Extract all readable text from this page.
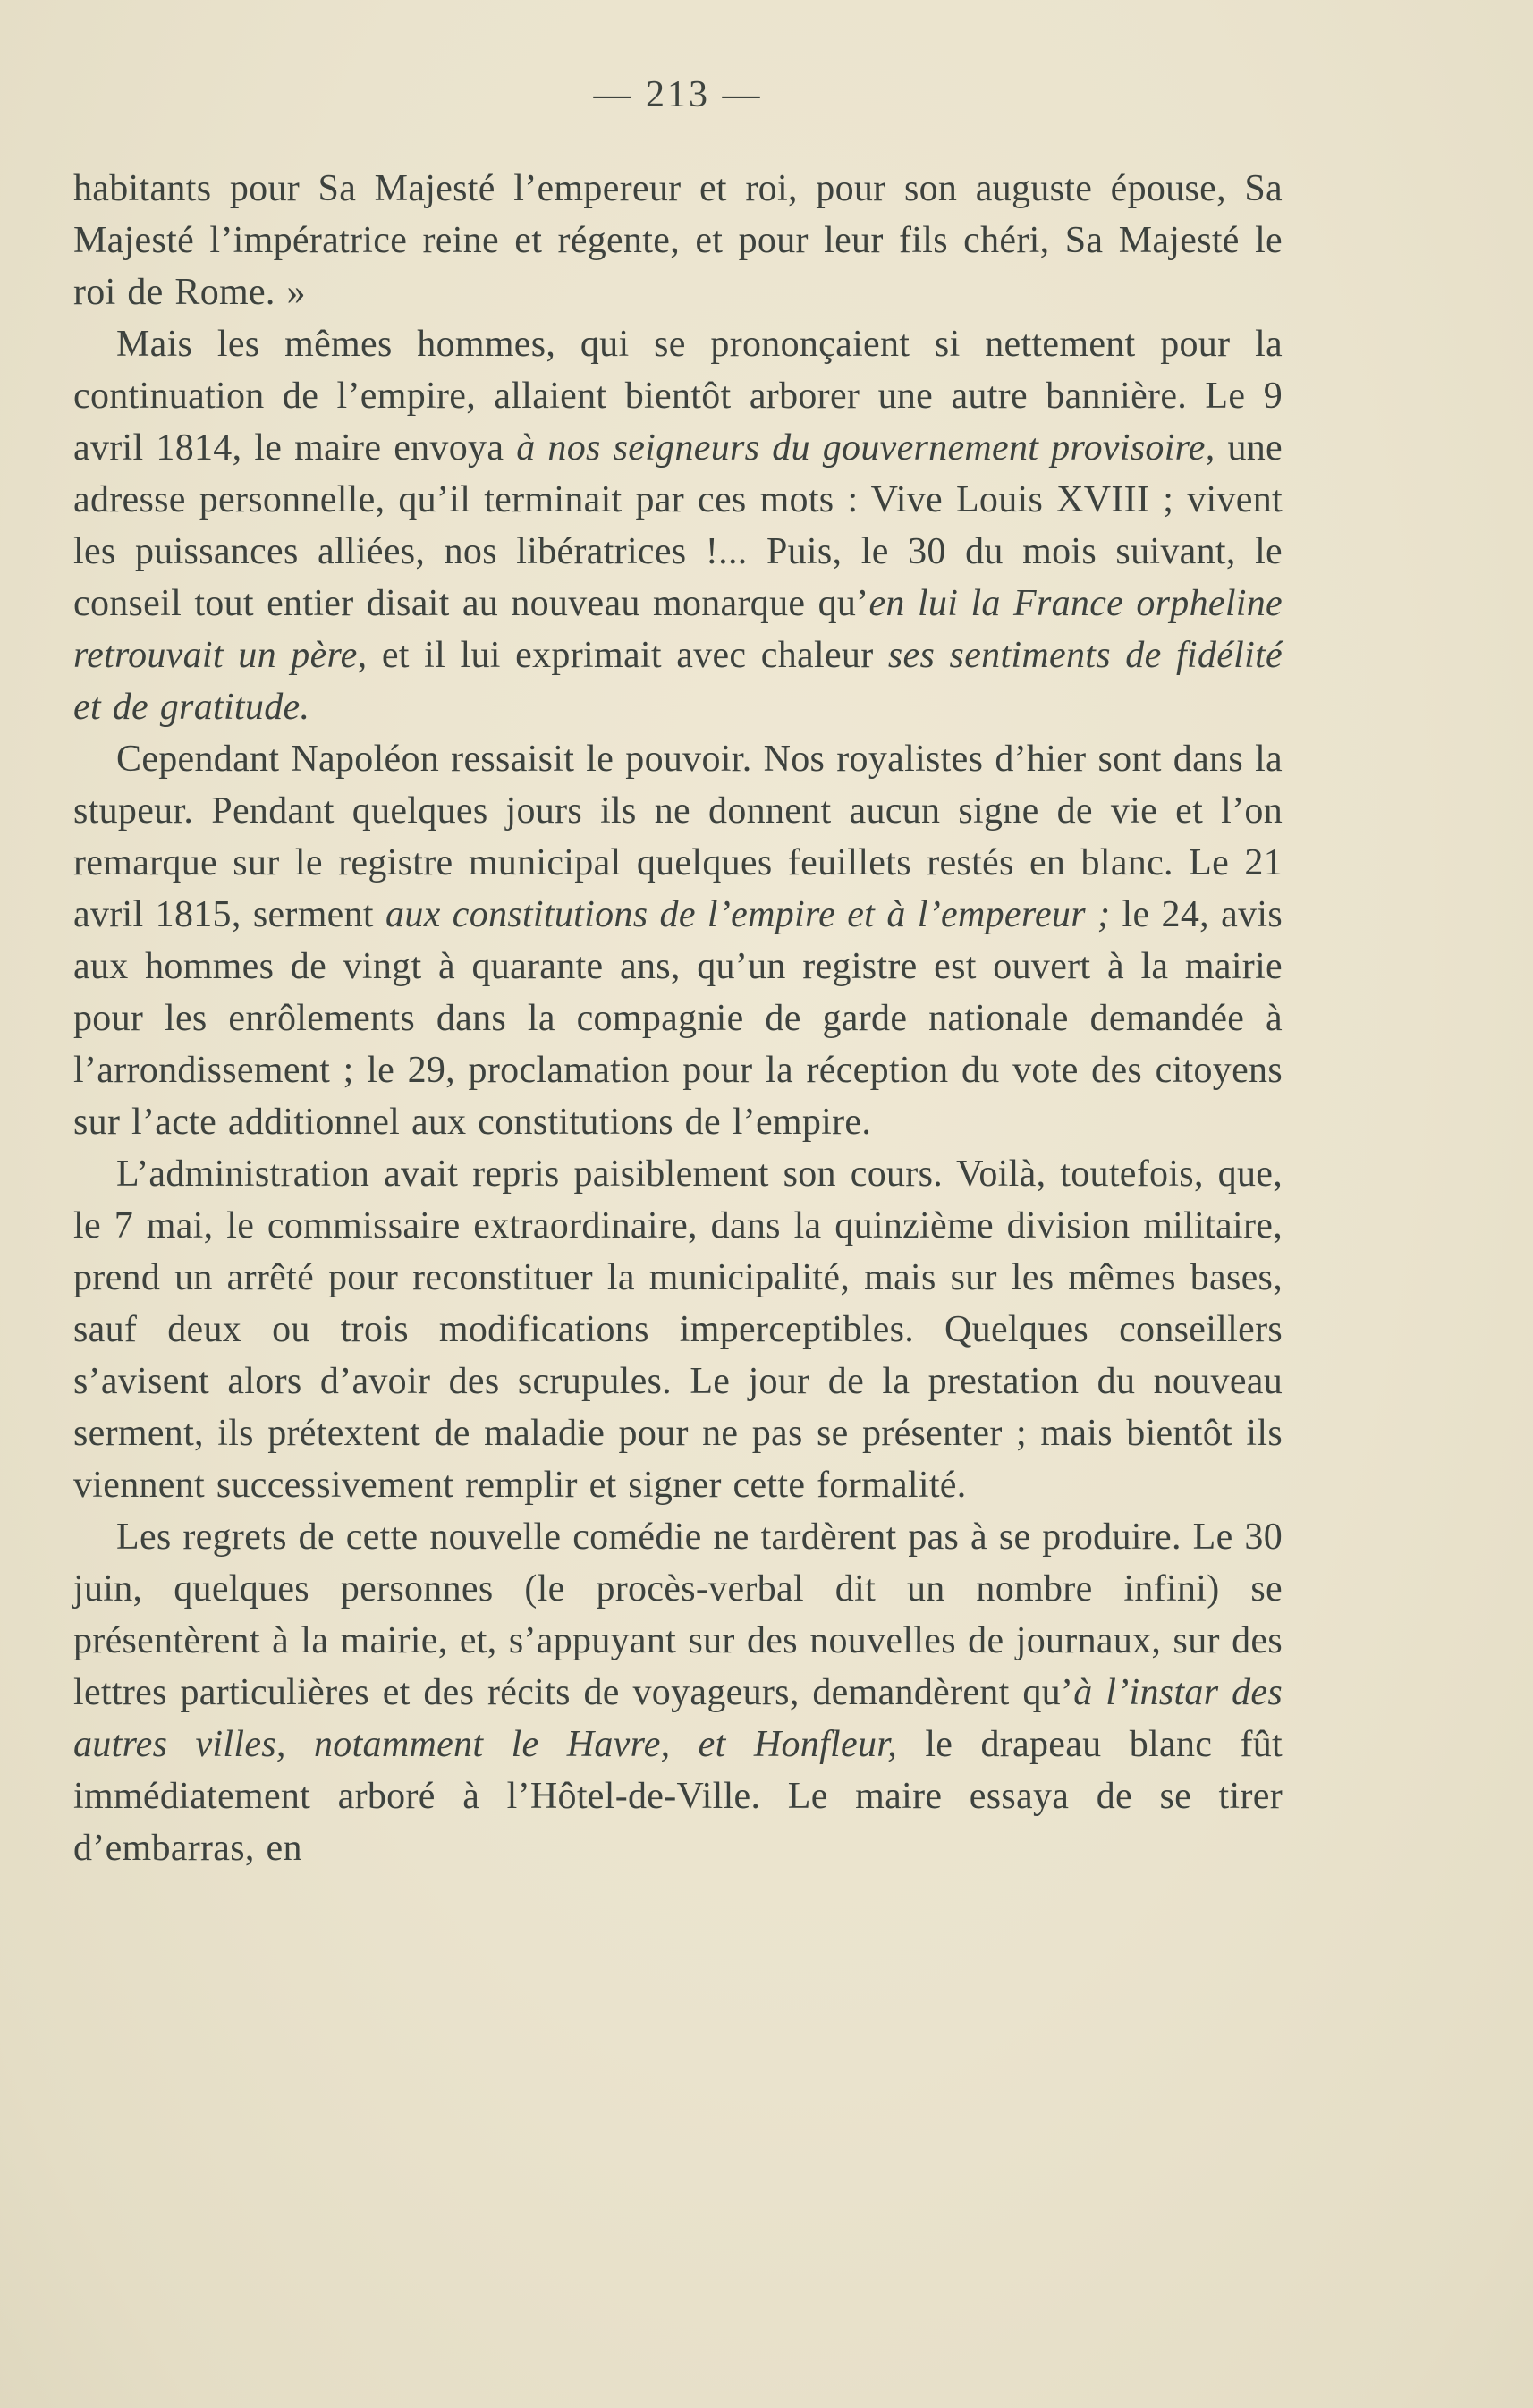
— 213 —

habitants pour Sa Majesté l’empereur et roi, pour son auguste épouse, Sa Majesté l’impératrice reine et régente, et pour leur fils chéri, Sa Majesté le roi de Rome. »

Mais les mêmes hommes, qui se prononçaient si nettement pour la continuation de l’empire, allaient bientôt arborer une autre bannière. Le 9 avril 1814, le maire envoya à nos seigneurs du gouvernement provisoire, une adresse personnelle, qu’il terminait par ces mots : Vive Louis XVIII ; vivent les puissances alliées, nos libératrices !... Puis, le 30 du mois suivant, le conseil tout entier disait au nouveau monarque qu’en lui la France orpheline retrouvait un père, et il lui exprimait avec chaleur ses sentiments de fidélité et de gratitude.

Cependant Napoléon ressaisit le pouvoir. Nos royalistes d’hier sont dans la stupeur. Pendant quelques jours ils ne donnent aucun signe de vie et l’on remarque sur le registre municipal quelques feuillets restés en blanc. Le 21 avril 1815, serment aux constitutions de l’empire et à l’empereur ; le 24, avis aux hommes de vingt à quarante ans, qu’un registre est ouvert à la mairie pour les enrôlements dans la compagnie de garde nationale demandée à l’arrondissement ; le 29, proclamation pour la réception du vote des citoyens sur l’acte additionnel aux constitutions de l’empire.

L’administration avait repris paisiblement son cours. Voilà, toutefois, que, le 7 mai, le commissaire extraordinaire, dans la quinzième division militaire, prend un arrêté pour reconstituer la municipalité, mais sur les mêmes bases, sauf deux ou trois modifications imperceptibles. Quelques conseillers s’avisent alors d’avoir des scrupules. Le jour de la prestation du nouveau serment, ils prétextent de maladie pour ne pas se présenter ; mais bientôt ils viennent successivement remplir et signer cette formalité.

Les regrets de cette nouvelle comédie ne tardèrent pas à se produire. Le 30 juin, quelques personnes (le procès-verbal dit un nombre infini) se présentèrent à la mairie, et, s’appuyant sur des nouvelles de journaux, sur des lettres particulières et des récits de voyageurs, demandèrent qu’à l’instar des autres villes, notamment le Havre, et Honfleur, le drapeau blanc fût immédiatement arboré à l’Hôtel-de-Ville. Le maire essaya de se tirer d’embarras, en
